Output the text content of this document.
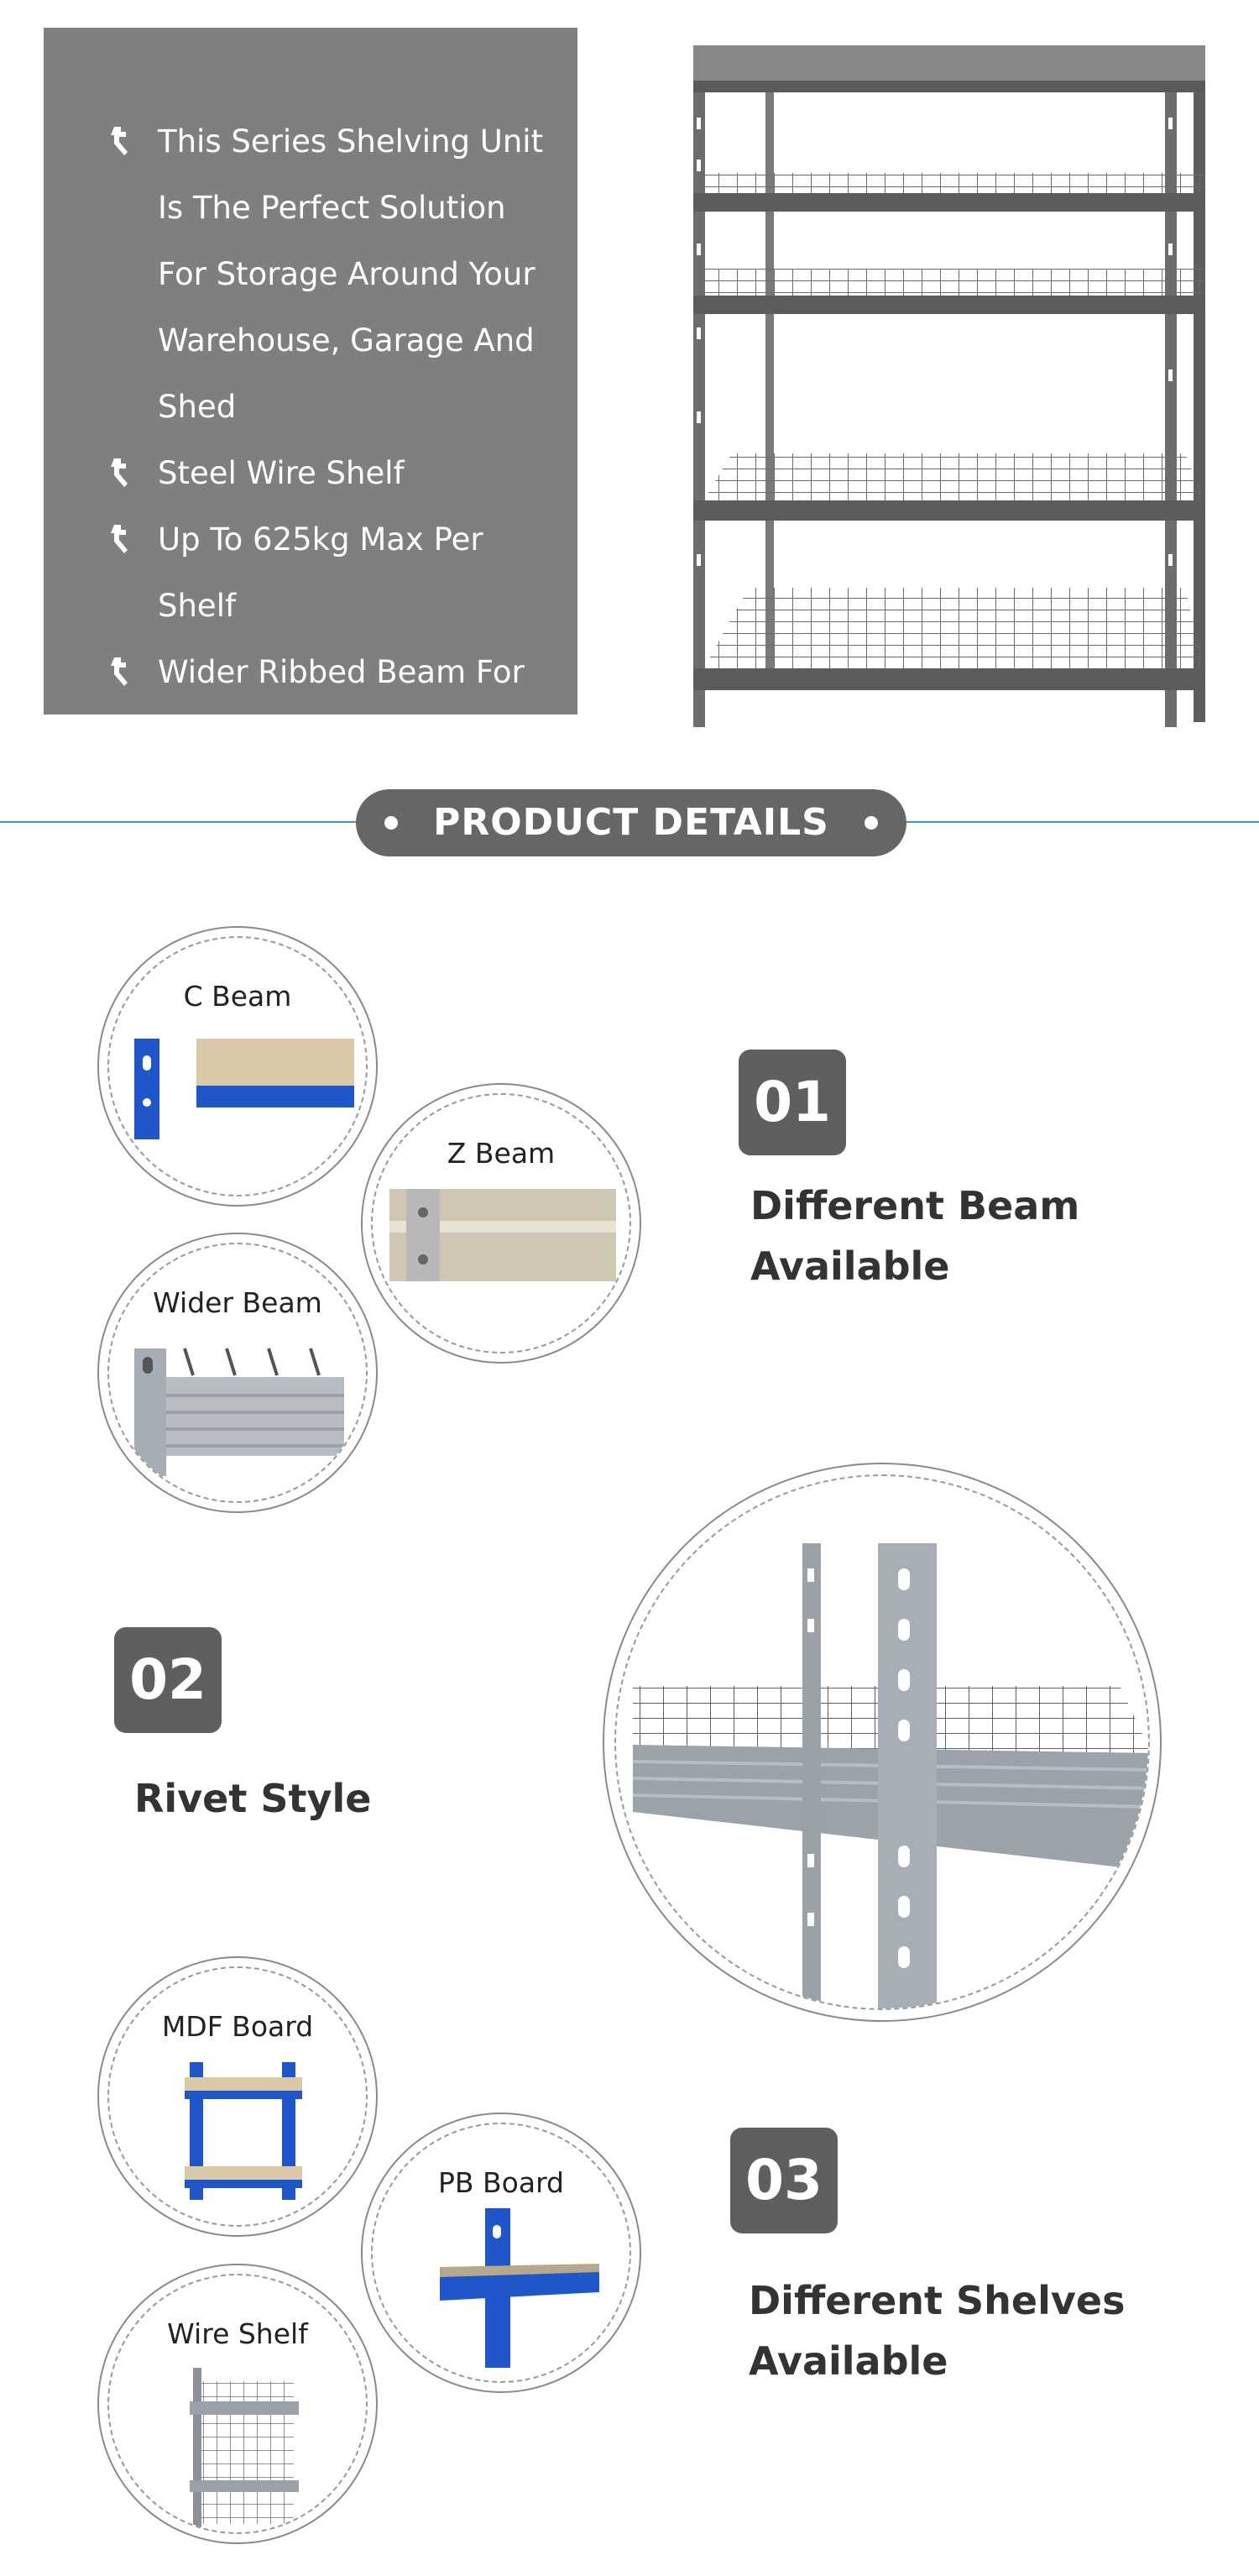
This Series Shelving Unit Is The Perfect Solution For Storage Around Your Warehouse, Garage And Shed
Steel Wire Shelf
Up To 625kg Max Per Shelf
Wider Ribbed Beam For Extra Stength
PRODUCT DETAILS
C Beam
Z Beam
Wider Beam
01
Different Beam Available
02
Rivet Style
MDF Board
PB Board
Wire Shelf
03
Different Shelves
Available
